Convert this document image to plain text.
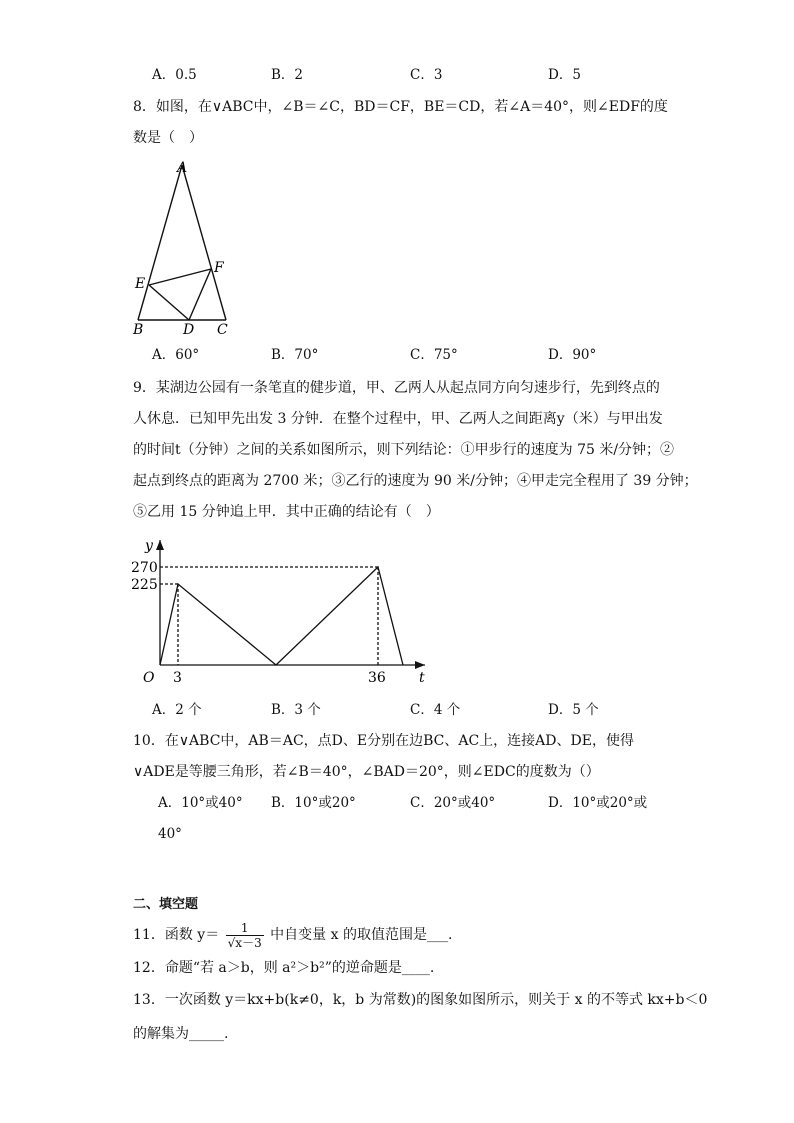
A．0.5	B．2	C．3	D．5
8．如图，在∨ABC中，∠B＝∠C，BD＝CF，BE＝CD，若∠A＝40°，则∠EDF的度
数是（　）
A
E
F
B	D C
A．60°	B．70°	C．75°	D．90°
9．某湖边公园有一条笔直的健步道，甲、乙两人从起点同方向匀速步行，先到终点的
人休息．已知甲先出发 3 分钟．在整个过程中，甲、乙两人之间距离y（米）与甲出发
的时间t（分钟）之间的关系如图所示，则下列结论：①甲步行的速度为 75 米/分钟；②
起点到终点的距离为 2700 米；③乙行的速度为 90 米/分钟；④甲走完全程用了 39 分钟；
⑤乙用 15 分钟追上甲．其中正确的结论有（　）
y
t
O
270
225
3	36
A．2 个	B．3 个	C．4 个	D．5 个
10．在∨ABC中，AB＝AC，点D、E分别在边BC、AC上，连接AD、DE，使得
∨ADE是等腰三角形，若∠B＝40°，∠BAD＝20°，则∠EDC的度数为（）
A．10°或40° B．10°或20°	C．20°或40°	D．10°或20°或
40°
二、填空题
11．函数 $y= \frac{1}{√x-3}$ 中自变量 x 的取值范围是___.
12．命题“若 a＞b，则 a²＞b²”的逆命题是____.
13．一次函数 y＝kx+b(k≠0，k，b 为常数)的图象如图所示，则关于 x 的不等式 kx+b＜0
的解集为_____.
